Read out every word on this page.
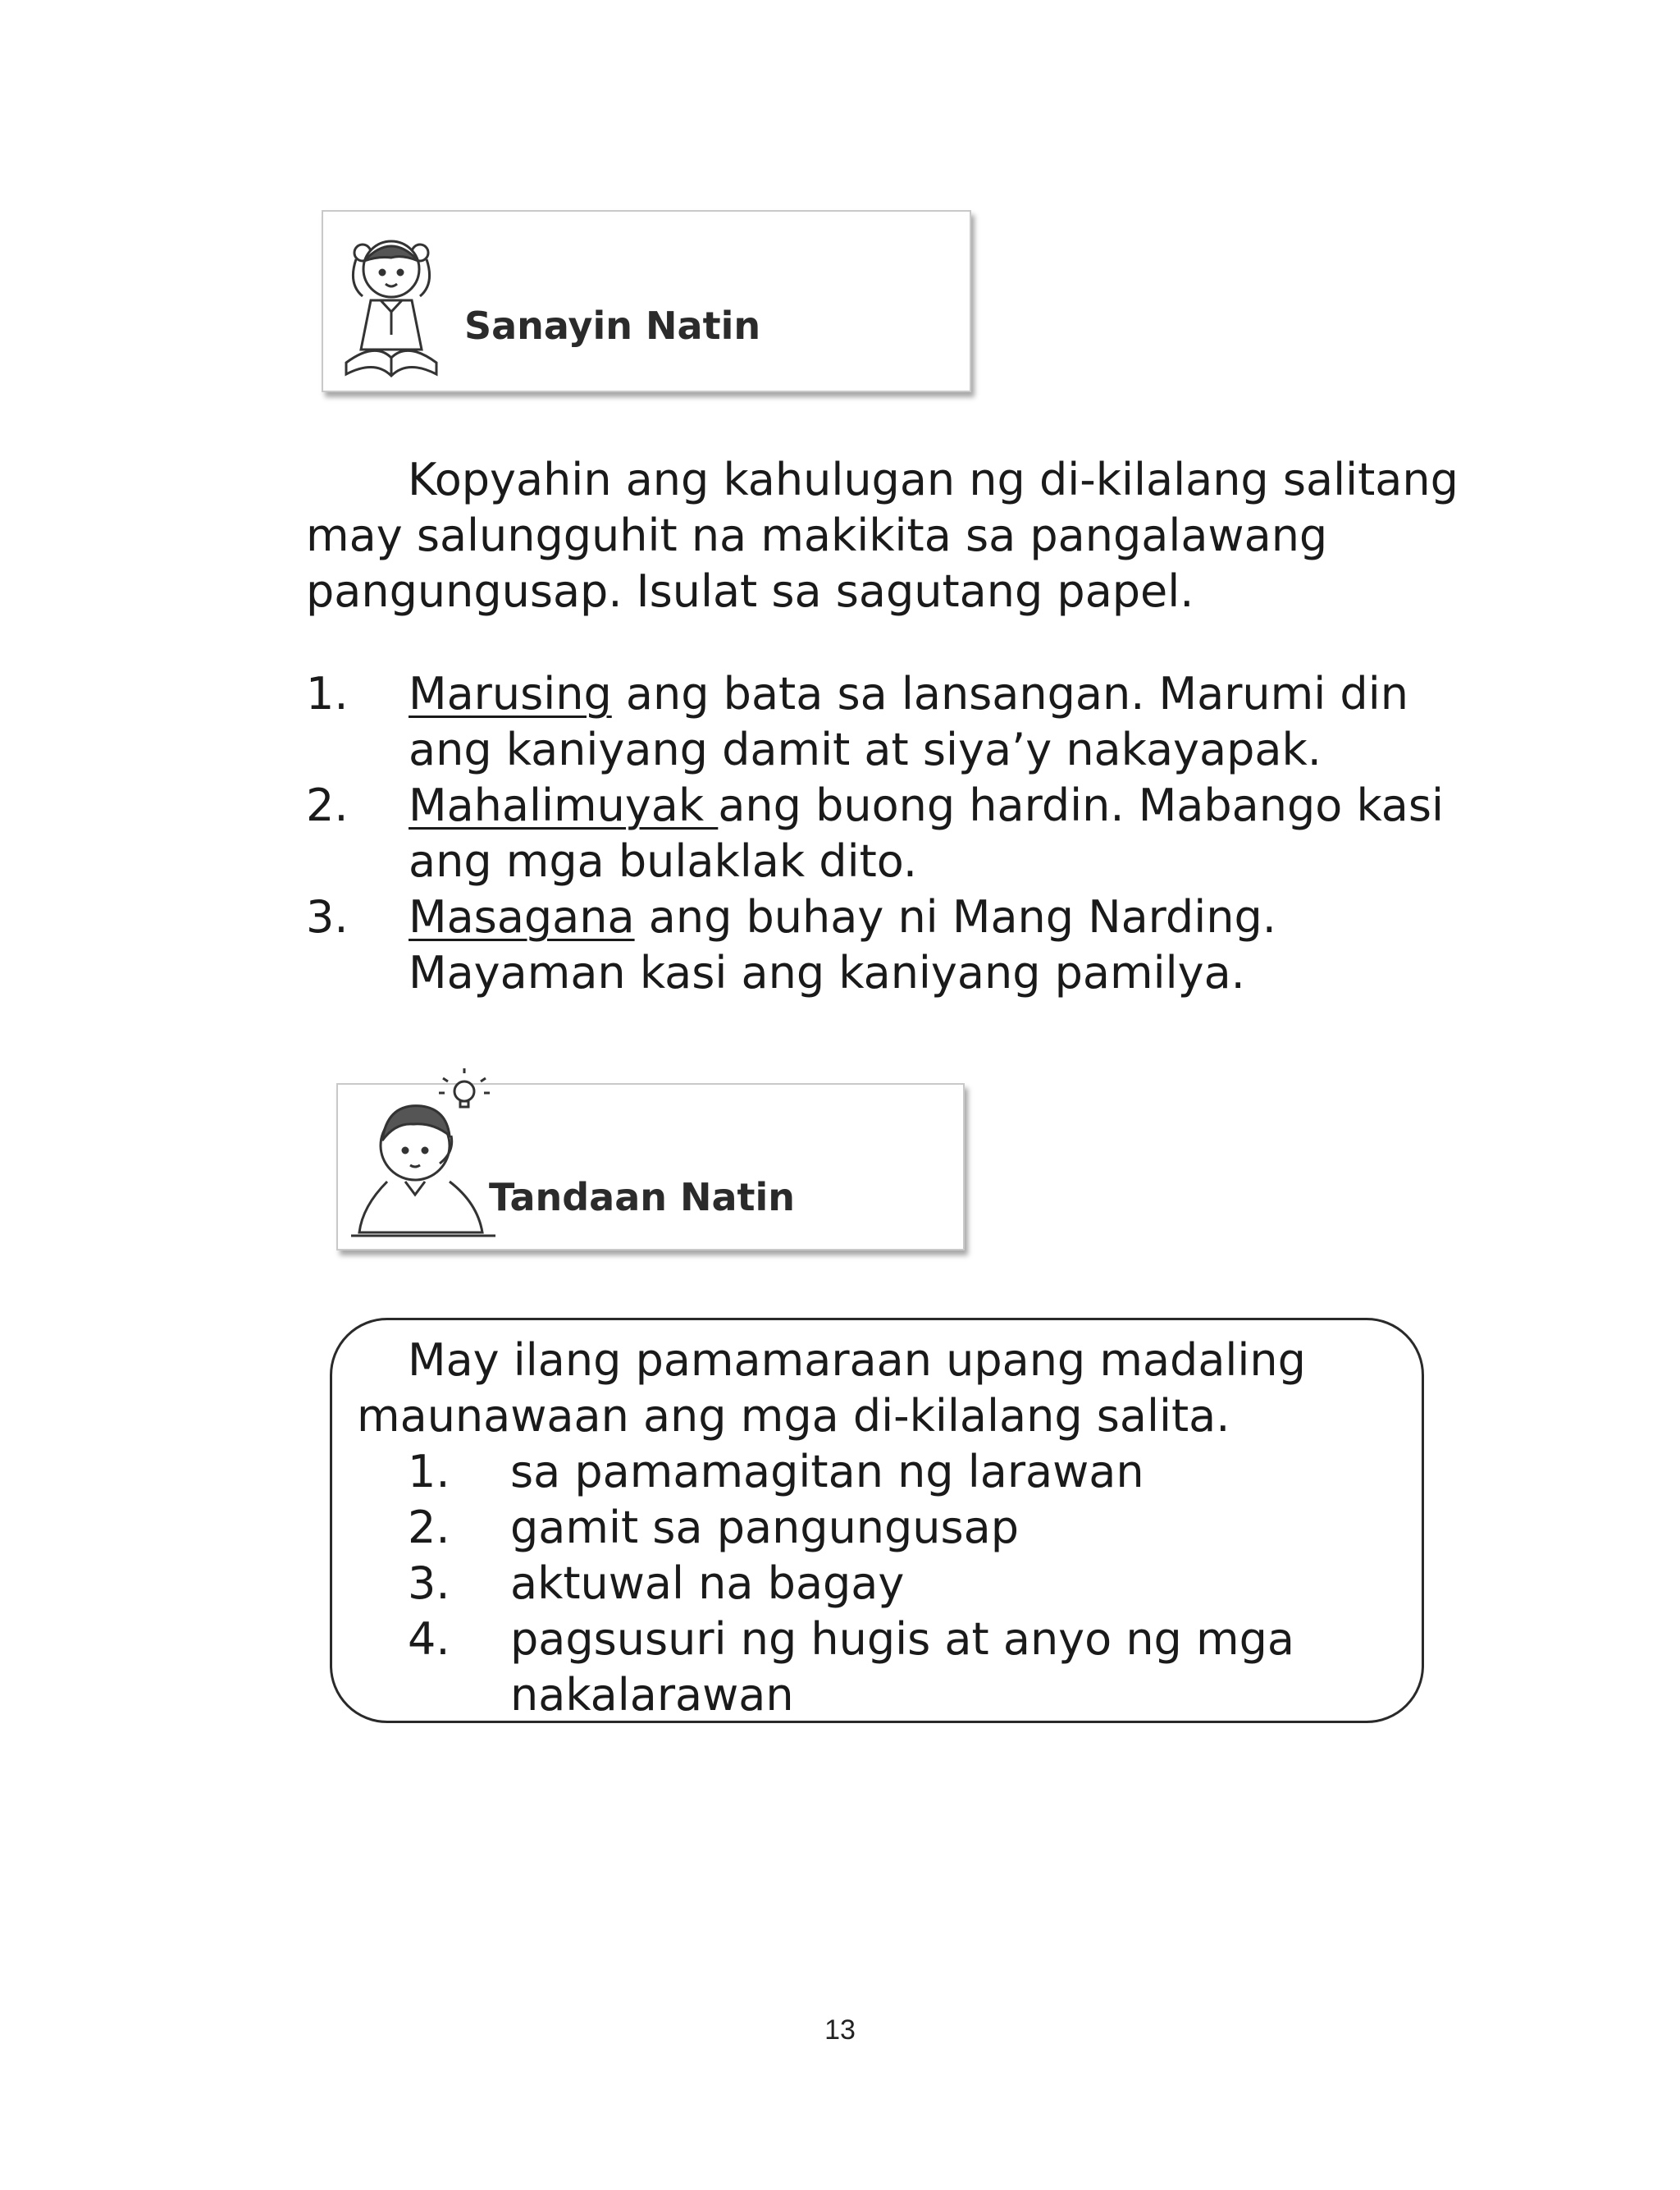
Sanayin Natin
Kopyahin ang kahulugan ng di-kilalang salitang
may salungguhit na makikita sa pangalawang
pangungusap. Isulat sa sagutang papel.
1. Marusing ang bata sa lansangan. Marumi din
ang kaniyang damit at siya’y nakayapak.
2. Mahalimuyak ang buong hardin. Mabango kasi
ang mga bulaklak dito.
3. Masagana ang buhay ni Mang Narding.
Mayaman kasi ang kaniyang pamilya.
Tandaan Natin
May ilang pamamaraan upang madaling
maunawaan ang mga di-kilalang salita.
1. sa pamamagitan ng larawan
2. gamit sa pangungusap
3. aktuwal na bagay
4. pagsusuri ng hugis at anyo ng mga
nakalarawan
13
